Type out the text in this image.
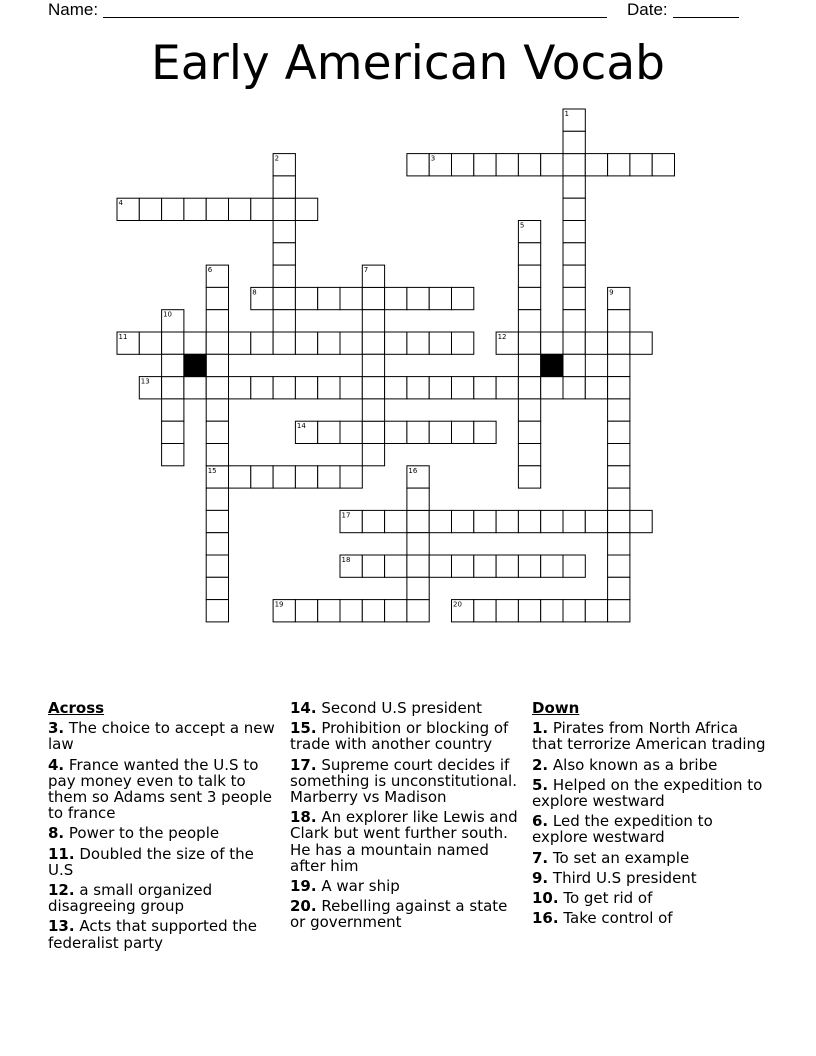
Name:	Date:
Early American Vocab
1
2	3
4
5
6	7
8	9
10
11	12
13
14
15	16
17
18
19	20
Across
3. The choice to accept a new law
4. France wanted the U.S to pay money even to talk to them so Adams sent 3 people to france
8. Power to the people
11. Doubled the size of the U.S
12. a small organized disagreeing group
13. Acts that supported the federalist party
14. Second U.S president
15. Prohibition or blocking of trade with another country
17. Supreme court decides if something is unconstitutional. Marberry vs Madison
18. An explorer like Lewis and Clark but went further south. He has a mountain named after him
19. A war ship
20. Rebelling against a state or government
Down
1. Pirates from North Africa that terrorize American trading
2. Also known as a bribe
5. Helped on the expedition to explore westward
6. Led the expedition to explore westward
7. To set an example
9. Third U.S president
10. To get rid of
16. Take control of
